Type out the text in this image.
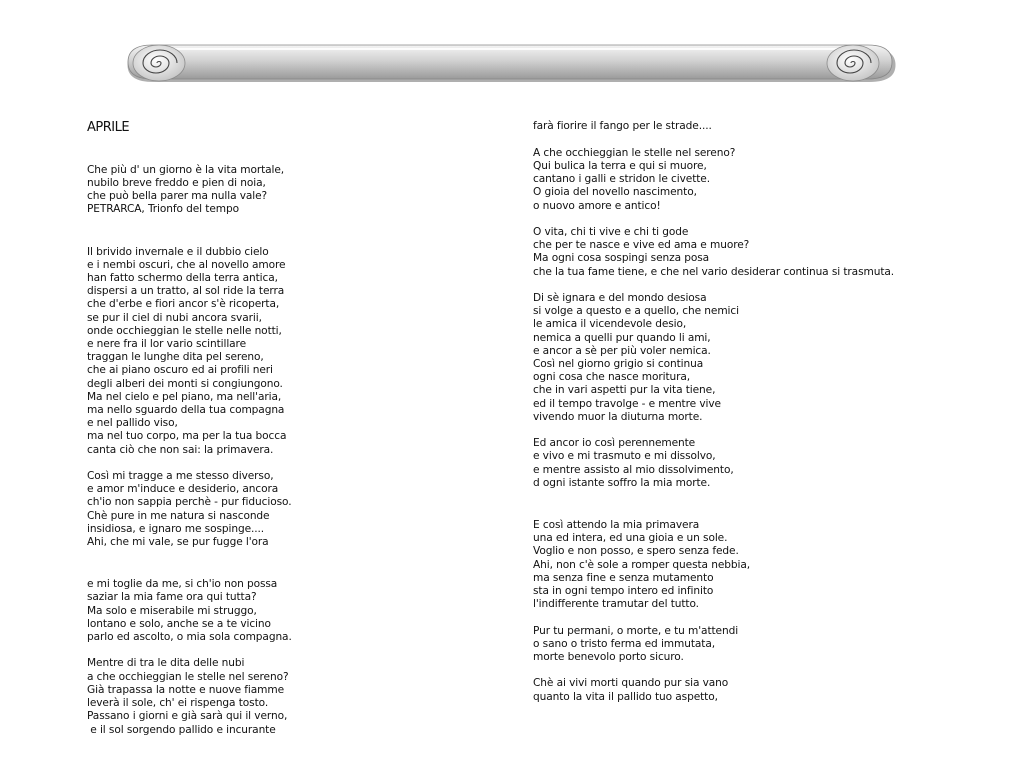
APRILE

Che più d' un giorno è la vita mortale,
nubilo breve freddo e pien di noia,
che può bella parer ma nulla vale?
PETRARCA, Trionfo del tempo
Il brivido invernale e il dubbio cielo
e i nembi oscuri, che al novello amore
han fatto schermo della terra antica,
dispersi a un tratto, al sol ride la terra
che d'erbe e fiori ancor s'è ricoperta,
se pur il ciel di nubi ancora svarii,
onde occhieggian le stelle nelle notti,
e nere fra il lor vario scintillare
traggan le lunghe dita pel sereno,
che ai piano oscuro ed ai profili neri
degli alberi dei monti si congiungono.
Ma nel cielo e pel piano, ma nell'aria,
ma nello sguardo della tua compagna
e nel pallido viso,
ma nel tuo corpo, ma per la tua bocca
canta ciò che non sai: la primavera.
Così mi tragge a me stesso diverso,
e amor m'induce e desiderio, ancora
ch'io non sappia perchè - pur fiducioso.
Chè pure in me natura si nasconde
insidiosa, e ignaro me sospinge....
Ahi, che mi vale, se pur fugge l'ora
e mi toglie da me, si ch'io non possa
saziar la mia fame ora qui tutta?
Ma solo e miserabile mi struggo,
lontano e solo, anche se a te vicino
parlo ed ascolto, o mia sola compagna.
Mentre di tra le dita delle nubi
a che occhieggian le stelle nel sereno?
Già trapassa la notte e nuove fiamme
leverà il sole, ch' ei rispenga tosto.
Passano i giorni e già sarà qui il verno,
e il sol sorgendo pallido e incurante

farà fiorire il fango per le strade....
A che occhieggian le stelle nel sereno?
Qui bulica la terra e qui si muore,
cantano i galli e stridon le civette.
O gioia del novello nascimento,
o nuovo amore e antico!
O vita, chi ti vive e chi ti gode
che per te nasce e vive ed ama e muore?
Ma ogni cosa sospingi senza posa
che la tua fame tiene, e che nel vario desiderar continua si trasmuta.
Di sè ignara e del mondo desiosa
si volge a questo e a quello, che nemici
le amica il vicendevole desio,
nemica a quelli pur quando li ami,
e ancor a sè per più voler nemica.
Così nel giorno grigio si continua
ogni cosa che nasce moritura,
che in vari aspetti pur la vita tiene,
ed il tempo travolge - e mentre vive
vivendo muor la diuturna morte.
Ed ancor io così perennemente
e vivo e mi trasmuto e mi dissolvo,
e mentre assisto al mio dissolvimento,
d ogni istante soffro la mia morte.
E così attendo la mia primavera
una ed intera, ed una gioia e un sole.
Voglio e non posso, e spero senza fede.
Ahi, non c'è sole a romper questa nebbia,
ma senza fine e senza mutamento
sta in ogni tempo intero ed infinito
l'indifferente tramutar del tutto.
Pur tu permani, o morte, e tu m'attendi
o sano o tristo ferma ed immutata,
morte benevolo porto sicuro.
Chè ai vivi morti quando pur sia vano
quanto la vita il pallido tuo aspetto,
